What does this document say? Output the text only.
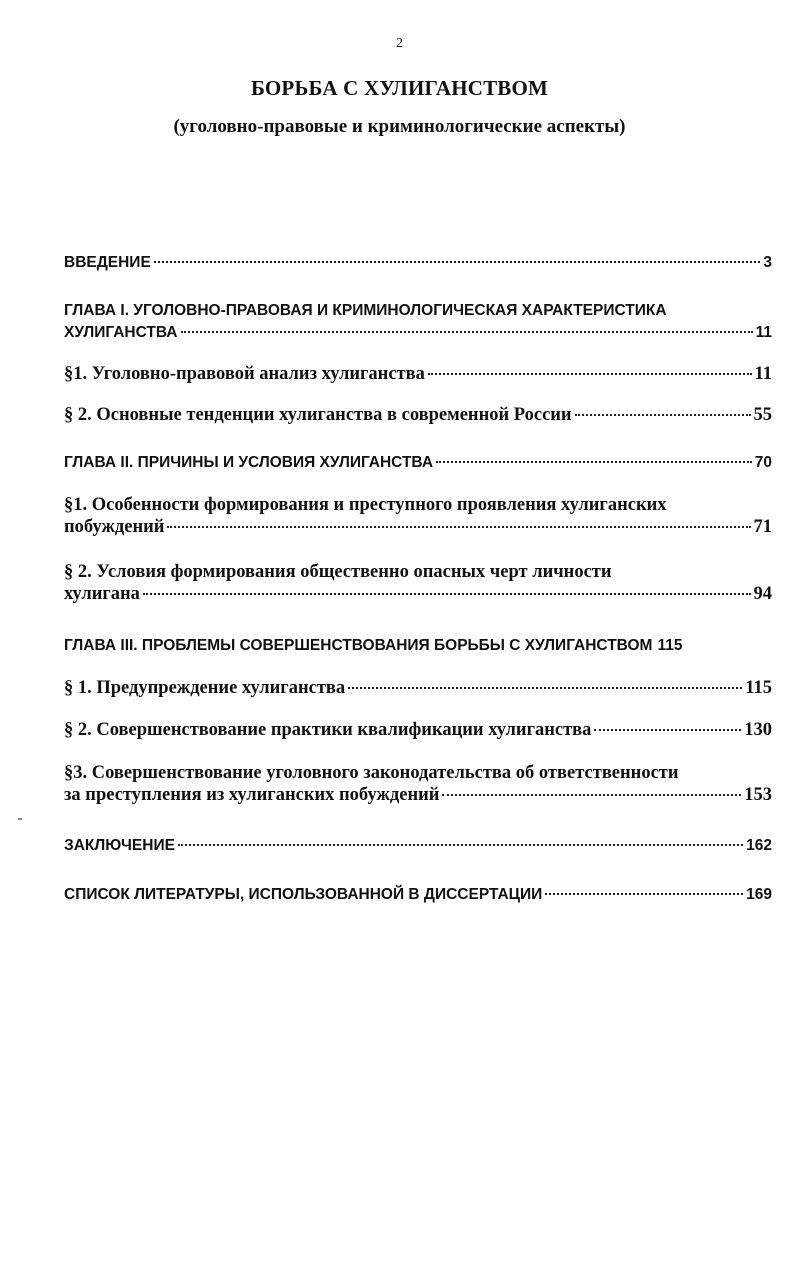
2
БОРЬБА С ХУЛИГАНСТВОМ
(уголовно-правовые и криминологические аспекты)
ВВЕДЕНИЕ	3
ГЛАВА I. УГОЛОВНО-ПРАВОВАЯ И КРИМИНОЛОГИЧЕСКАЯ ХАРАКТЕРИСТИКА
ХУЛИГАНСТВА	11
§1. Уголовно-правовой анализ хулиганства	11
§ 2. Основные тенденции хулиганства в современной России	55
ГЛАВА II. ПРИЧИНЫ И УСЛОВИЯ ХУЛИГАНСТВА	70
§1. Особенности формирования и преступного проявления хулиганских
побуждений	71
§ 2. Условия формирования общественно опасных черт личности
хулигана	94
ГЛАВА III. ПРОБЛЕМЫ СОВЕРШЕНСТВОВАНИЯ БОРЬБЫ С ХУЛИГАНСТВОМ 115
§ 1. Предупреждение хулиганства	115
§ 2. Совершенствование практики квалификации хулиганства	130
§3. Совершенствование уголовного законодательства об ответственности
за преступления из хулиганских побуждений	153
ЗАКЛЮЧЕНИЕ	162
СПИСОК ЛИТЕРАТУРЫ, ИСПОЛЬЗОВАННОЙ В ДИССЕРТАЦИИ	169
